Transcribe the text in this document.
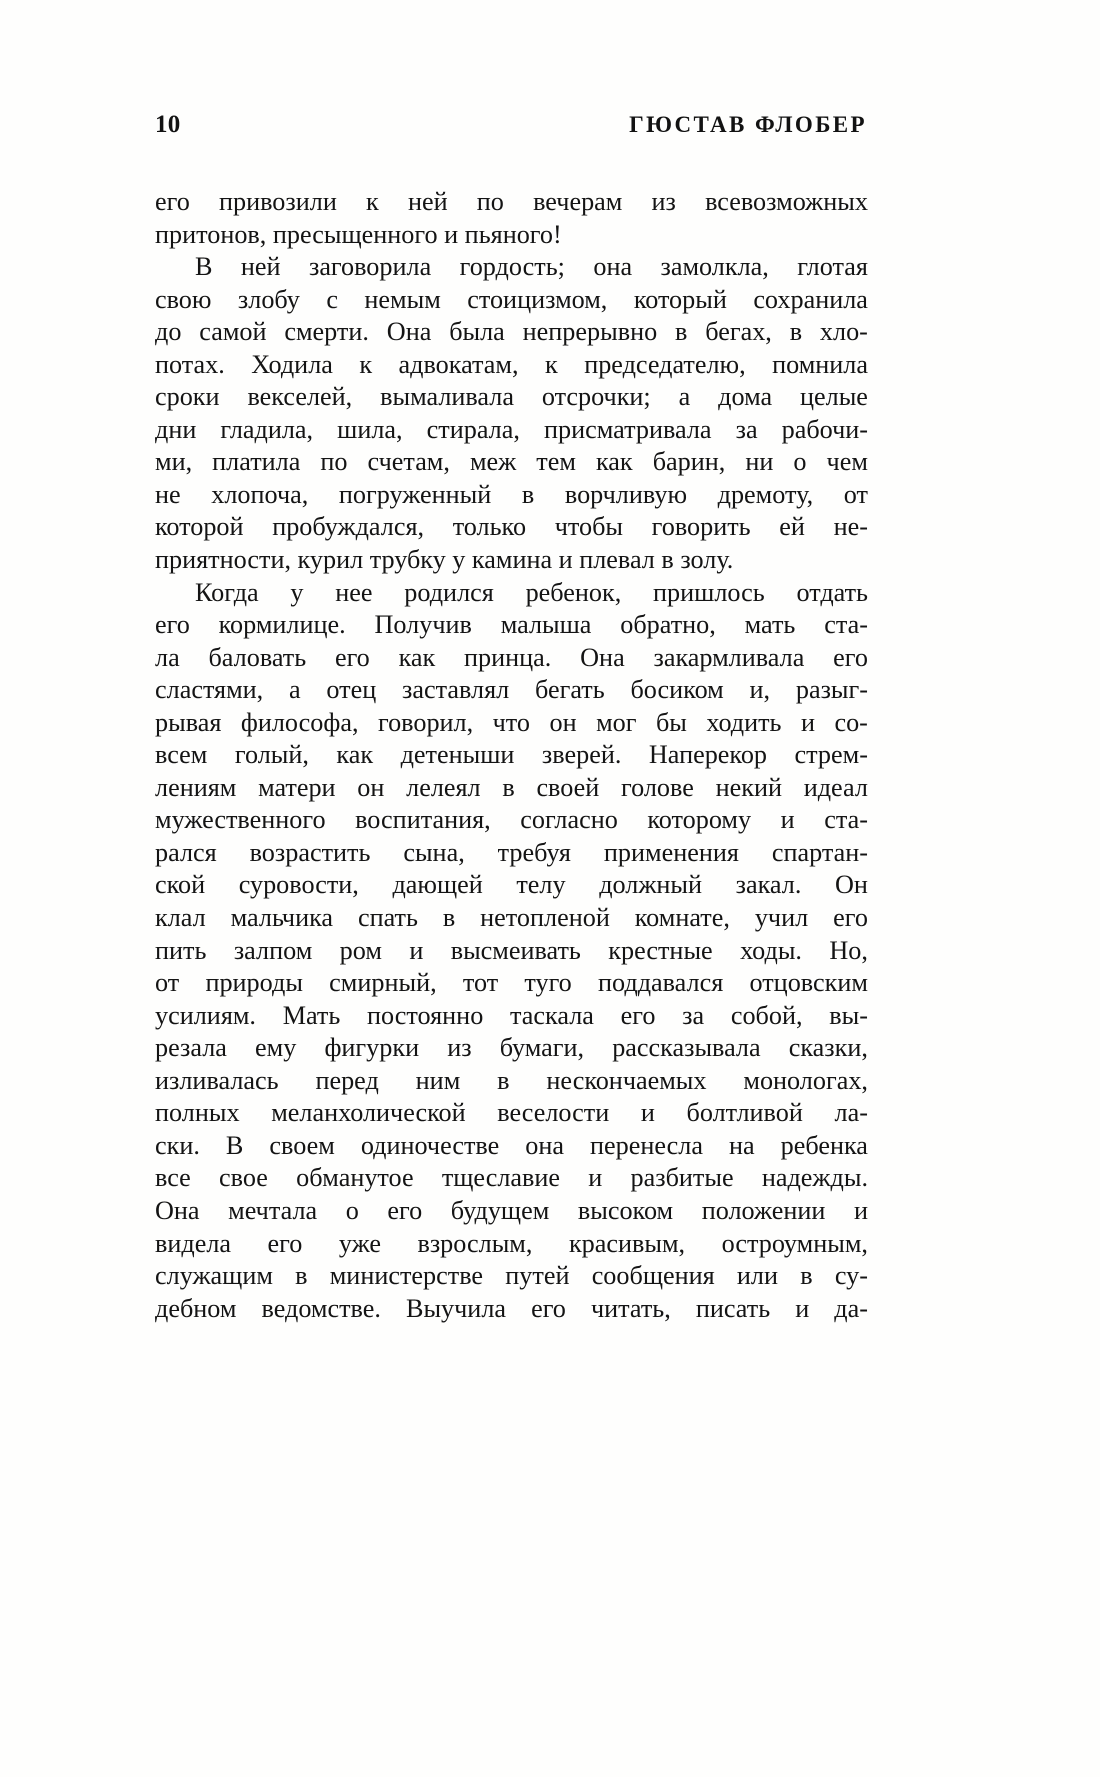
10	ГЮСТАВ ФЛОБЕР
его привозили к ней по вечерам из всевозможных
притонов, пресыщенного и пьяного!
В ней заговорила гордость; она замолкла, глотая
свою злобу с немым стоицизмом, который сохранила
до самой смерти. Она была непрерывно в бегах, в хло-
потах. Ходила к адвокатам, к председателю, помнила
сроки векселей, вымаливала отсрочки; а дома целые
дни гладила, шила, стирала, присматривала за рабочи-
ми, платила по счетам, меж тем как барин, ни о чем
не хлопоча, погруженный в ворчливую дремоту, от
которой пробуждался, только чтобы говорить ей не-
приятности, курил трубку у камина и плевал в золу.
Когда у нее родился ребенок, пришлось отдать
его кормилице. Получив малыша обратно, мать ста-
ла баловать его как принца. Она закармливала его
сластями, а отец заставлял бегать босиком и, разыг-
рывая философа, говорил, что он мог бы ходить и со-
всем голый, как детеныши зверей. Наперекор стрем-
лениям матери он лелеял в своей голове некий идеал
мужественного воспитания, согласно которому и ста-
рался возрастить сына, требуя применения спартан-
ской суровости, дающей телу должный закал. Он
клал мальчика спать в нетопленой комнате, учил его
пить залпом ром и высмеивать крестные ходы. Но,
от природы смирный, тот туго поддавался отцовским
усилиям. Мать постоянно таскала его за собой, вы-
резала ему фигурки из бумаги, рассказывала сказки,
изливалась перед ним в нескончаемых монологах,
полных меланхолической веселости и болтливой ла-
ски. В своем одиночестве она перенесла на ребенка
все свое обманутое тщеславие и разбитые надежды.
Она мечтала о его будущем высоком положении и
видела его уже взрослым, красивым, остроумным,
служащим в министерстве путей сообщения или в су-
дебном ведомстве. Выучила его читать, писать и да-
